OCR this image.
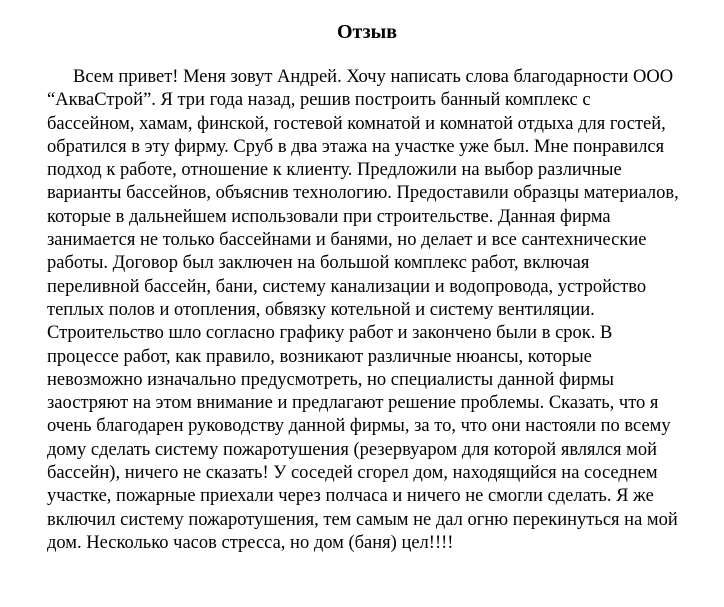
Отзыв
Всем привет! Меня зовут Андрей. Хочу написать слова благодарности ООО
“АкваСтрой”. Я три года назад, решив построить банный комплекс с
бассейном, хамам, финской, гостевой комнатой и комнатой отдыха для гостей,
обратился в эту фирму. Сруб в два этажа на участке уже был. Мне понравился
подход к работе, отношение к клиенту. Предложили на выбор различные
варианты бассейнов, объяснив технологию. Предоставили образцы материалов,
которые в дальнейшем использовали при строительстве. Данная фирма
занимается не только бассейнами и банями, но делает и все сантехнические
работы. Договор был заключен на большой комплекс работ, включая
переливной бассейн, бани, систему канализации и водопровода, устройство
теплых полов и отопления, обвязку котельной и систему вентиляции.
Строительство шло согласно графику работ и закончено были в срок. В
процессе работ, как правило, возникают различные нюансы, которые
невозможно изначально предусмотреть, но специалисты данной фирмы
заостряют на этом внимание и предлагают решение проблемы. Сказать, что я
очень благодарен руководству данной фирмы, за то, что они настояли по всему
дому сделать систему пожаротушения (резервуаром для которой являлся мой
бассейн), ничего не сказать! У соседей сгорел дом, находящийся на соседнем
участке, пожарные приехали через полчаса и ничего не смогли сделать. Я же
включил систему пожаротушения, тем самым не дал огню перекинуться на мой
дом. Несколько часов стресса, но дом (баня) цел!!!!
